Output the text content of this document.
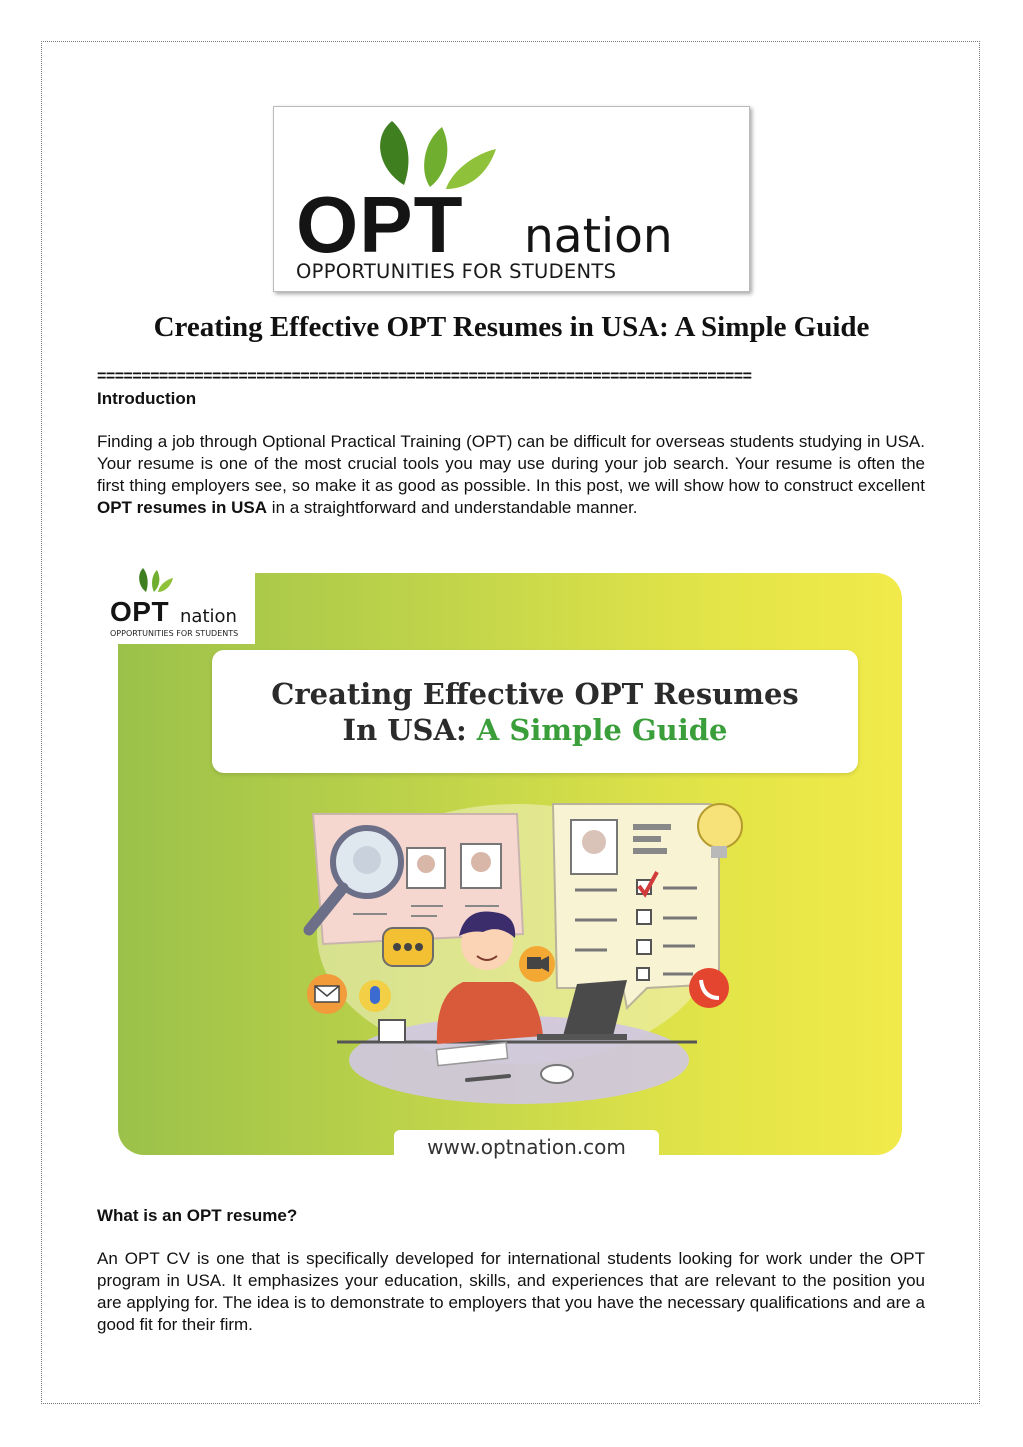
OPT nation
OPPORTUNITIES FOR STUDENTS
Creating Effective OPT Resumes in USA: A Simple Guide
==========================================================================
Introduction

Finding a job through Optional Practical Training (OPT) can be difficult for overseas students studying in USA. Your resume is one of the most crucial tools you may use during your job search. Your resume is often the first thing employers see, so make it as good as possible. In this post, we will show how to construct excellent OPT resumes in USA in a straightforward and understandable manner.

OPT nation
OPPORTUNITIES FOR STUDENTS
Creating Effective OPT Resumes
In USA: A Simple Guide
www.optnation.com
What is an OPT resume?

An OPT CV is one that is specifically developed for international students looking for work under the OPT program in USA. It emphasizes your education, skills, and experiences that are relevant to the position you are applying for. The idea is to demonstrate to employers that you have the necessary qualifications and are a good fit for their firm.
